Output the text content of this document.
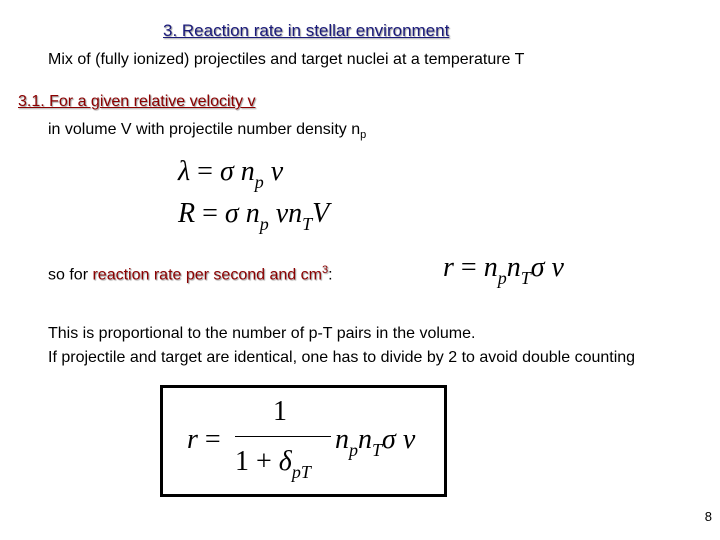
3. Reaction rate in stellar environment
Mix of (fully ionized) projectiles and target nuclei at a temperature T
3.1. For a given relative velocity v
in volume V with projectile number density $n_p$
λ = σ $n_p$ v
R = σ $n_p$ $vn_TV$
so for reaction rate per second and $cm^3$:	$r = n_pn_T\sigma$ v
This is proportional to the number of p-T pairs in the volume.
If projectile and target are identical, one has to divide by 2 to avoid double counting
r =
1
$1 + \delta_{pT}$
$n_pn_T\sigma$ v
8
